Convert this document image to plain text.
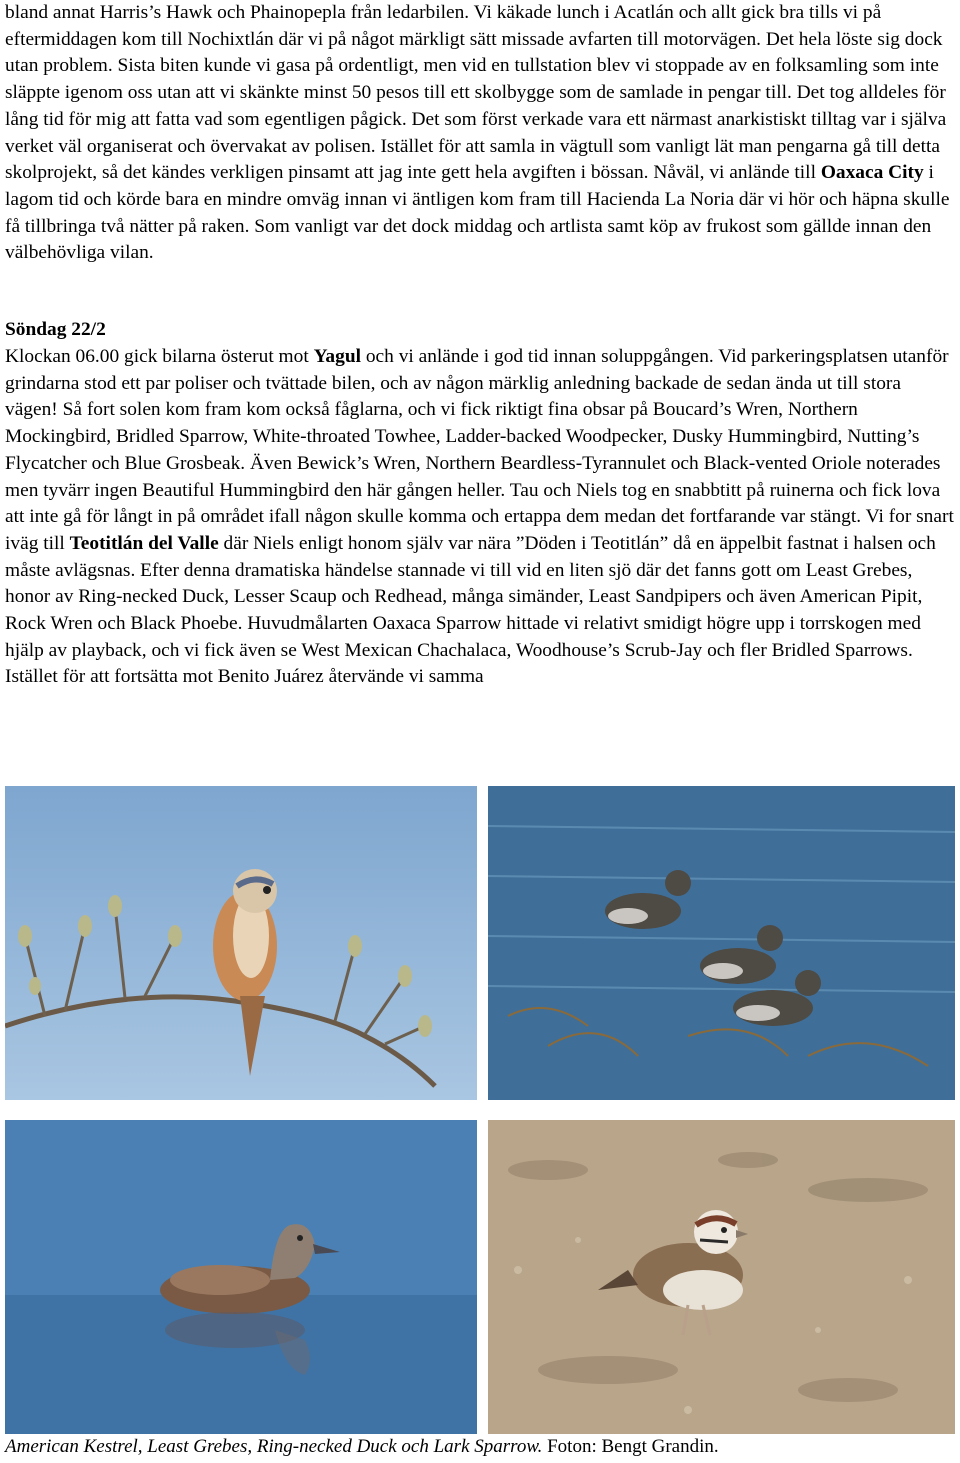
bland annat Harris’s Hawk och Phainopepla från ledarbilen. Vi käkade lunch i Acatlán och allt gick bra tills vi på eftermiddagen kom till Nochixtlán där vi på något märkligt sätt missade avfarten till motorvägen. Det hela löste sig dock utan problem. Sista biten kunde vi gasa på ordentligt, men vid en tullstation blev vi stoppade av en folksamling som inte släppte igenom oss utan att vi skänkte minst 50 pesos till ett skolbygge som de samlade in pengar till. Det tog alldeles för lång tid för mig att fatta vad som egentligen pågick. Det som först verkade vara ett närmast anarkistiskt tilltag var i själva verket väl organiserat och övervakat av polisen. Istället för att samla in vägtull som vanligt lät man pengarna gå till detta skolprojekt, så det kändes verkligen pinsamt att jag inte gett hela avgiften i bössan. Nåväl, vi anlände till Oaxaca City i lagom tid och körde bara en mindre omväg innan vi äntligen kom fram till Hacienda La Noria där vi hör och häpna skulle få tillbringa två nätter på raken. Som vanligt var det dock middag och artlista samt köp av frukost som gällde innan den välbehövliga vilan.
Söndag 22/2
Klockan 06.00 gick bilarna österut mot Yagul och vi anlände i god tid innan soluppgången. Vid parkeringsplatsen utanför grindarna stod ett par poliser och tvättade bilen, och av någon märklig anledning backade de sedan ända ut till stora vägen! Så fort solen kom fram kom också fåglarna, och vi fick riktigt fina obsar på Boucard’s Wren, Northern Mockingbird, Bridled Sparrow, White-throated Towhee, Ladder-backed Woodpecker, Dusky Hummingbird, Nutting’s Flycatcher och Blue Grosbeak. Även Bewick’s Wren, Northern Beardless-Tyrannulet och Black-vented Oriole noterades men tyvärr ingen Beautiful Hummingbird den här gången heller. Tau och Niels tog en snabbtitt på ruinerna och fick lova att inte gå för långt in på området ifall någon skulle komma och ertappa dem medan det fortfarande var stängt. Vi for snart iväg till Teotitlán del Valle där Niels enligt honom själv var nära ”Döden i Teotitlán” då en äppelbit fastnat i halsen och måste avlägsnas. Efter denna dramatiska händelse stannade vi till vid en liten sjö där det fanns gott om Least Grebes, honor av Ring-necked Duck, Lesser Scaup och Redhead, många simänder, Least Sandpipers och även American Pipit, Rock Wren och Black Phoebe. Huvudmålarten Oaxaca Sparrow hittade vi relativt smidigt högre upp i torrskogen med hjälp av playback, och vi fick även se West Mexican Chachalaca, Woodhouse’s Scrub-Jay och fler Bridled Sparrows. Istället för att fortsätta mot Benito Juárez återvände vi samma
American Kestrel, Least Grebes, Ring-necked Duck och Lark Sparrow. Foton: Bengt Grandin.
